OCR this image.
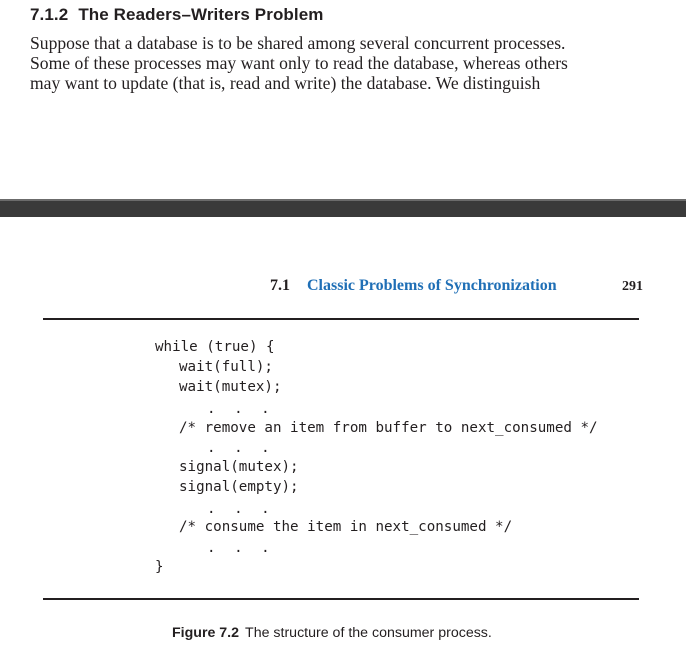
7.1.2 The Readers–Writers Problem
Suppose that a database is to be shared among several concurrent processes.
Some of these processes may want only to read the database, whereas others
may want to update (that is, read and write) the database. We distinguish
7.1 Classic Problems of Synchronization	291
while (true) {
wait(full);
wait(mutex);
. . .
/* remove an item from buffer to next_consumed */
. . .
signal(mutex);
signal(empty);
. . .
/* consume the item in next_consumed */
. . .
}
Figure 7.2 The structure of the consumer process.
